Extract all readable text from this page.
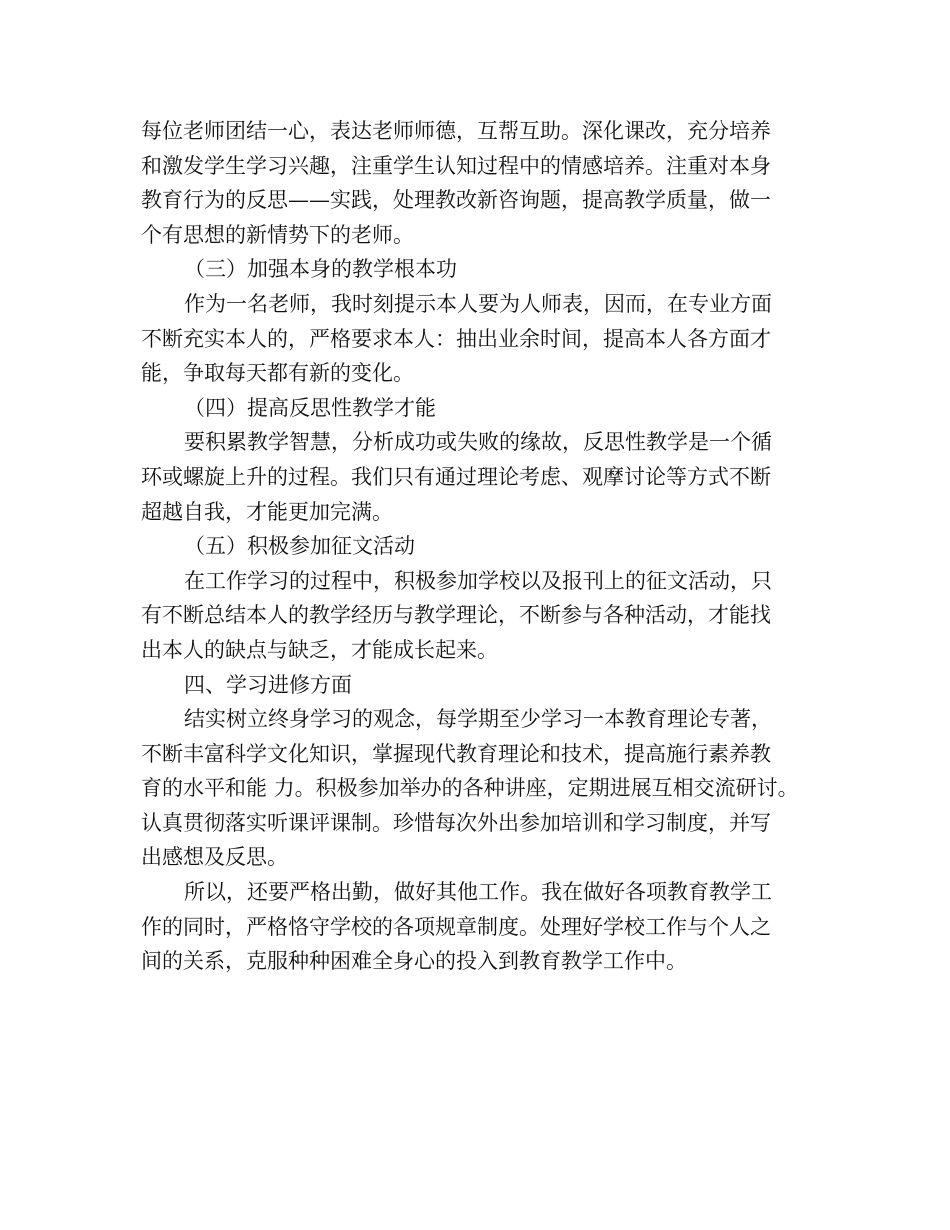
每位老师团结一心，表达老师师德，互帮互助。深化课改，充分培养
和激发学生学习兴趣，注重学生认知过程中的情感培养。注重对本身
教育行为的反思——实践，处理教改新咨询题，提高教学质量，做一
个有思想的新情势下的老师。
（三）加强本身的教学根本功
作为一名老师，我时刻提示本人要为人师表，因而，在专业方面
不断充实本人的，严格要求本人：抽出业余时间，提高本人各方面才
能，争取每天都有新的变化。
（四）提高反思性教学才能
要积累教学智慧，分析成功或失败的缘故，反思性教学是一个循
环或螺旋上升的过程。我们只有通过理论考虑、观摩讨论等方式不断
超越自我，才能更加完满。
（五）积极参加征文活动
在工作学习的过程中，积极参加学校以及报刊上的征文活动，只
有不断总结本人的教学经历与教学理论，不断参与各种活动，才能找
出本人的缺点与缺乏，才能成长起来。
四、学习进修方面
结实树立终身学习的观念，每学期至少学习一本教育理论专著，
不断丰富科学文化知识，掌握现代教育理论和技术，提高施行素养教
育的水平和能 力。积极参加举办的各种讲座，定期进展互相交流研讨。
认真贯彻落实听课评课制。珍惜每次外出参加培训和学习制度，并写
出感想及反思。
所以，还要严格出勤，做好其他工作。我在做好各项教育教学工
作的同时，严格恪守学校的各项规章制度。处理好学校工作与个人之
间的关系，克服种种困难全身心的投入到教育教学工作中。
